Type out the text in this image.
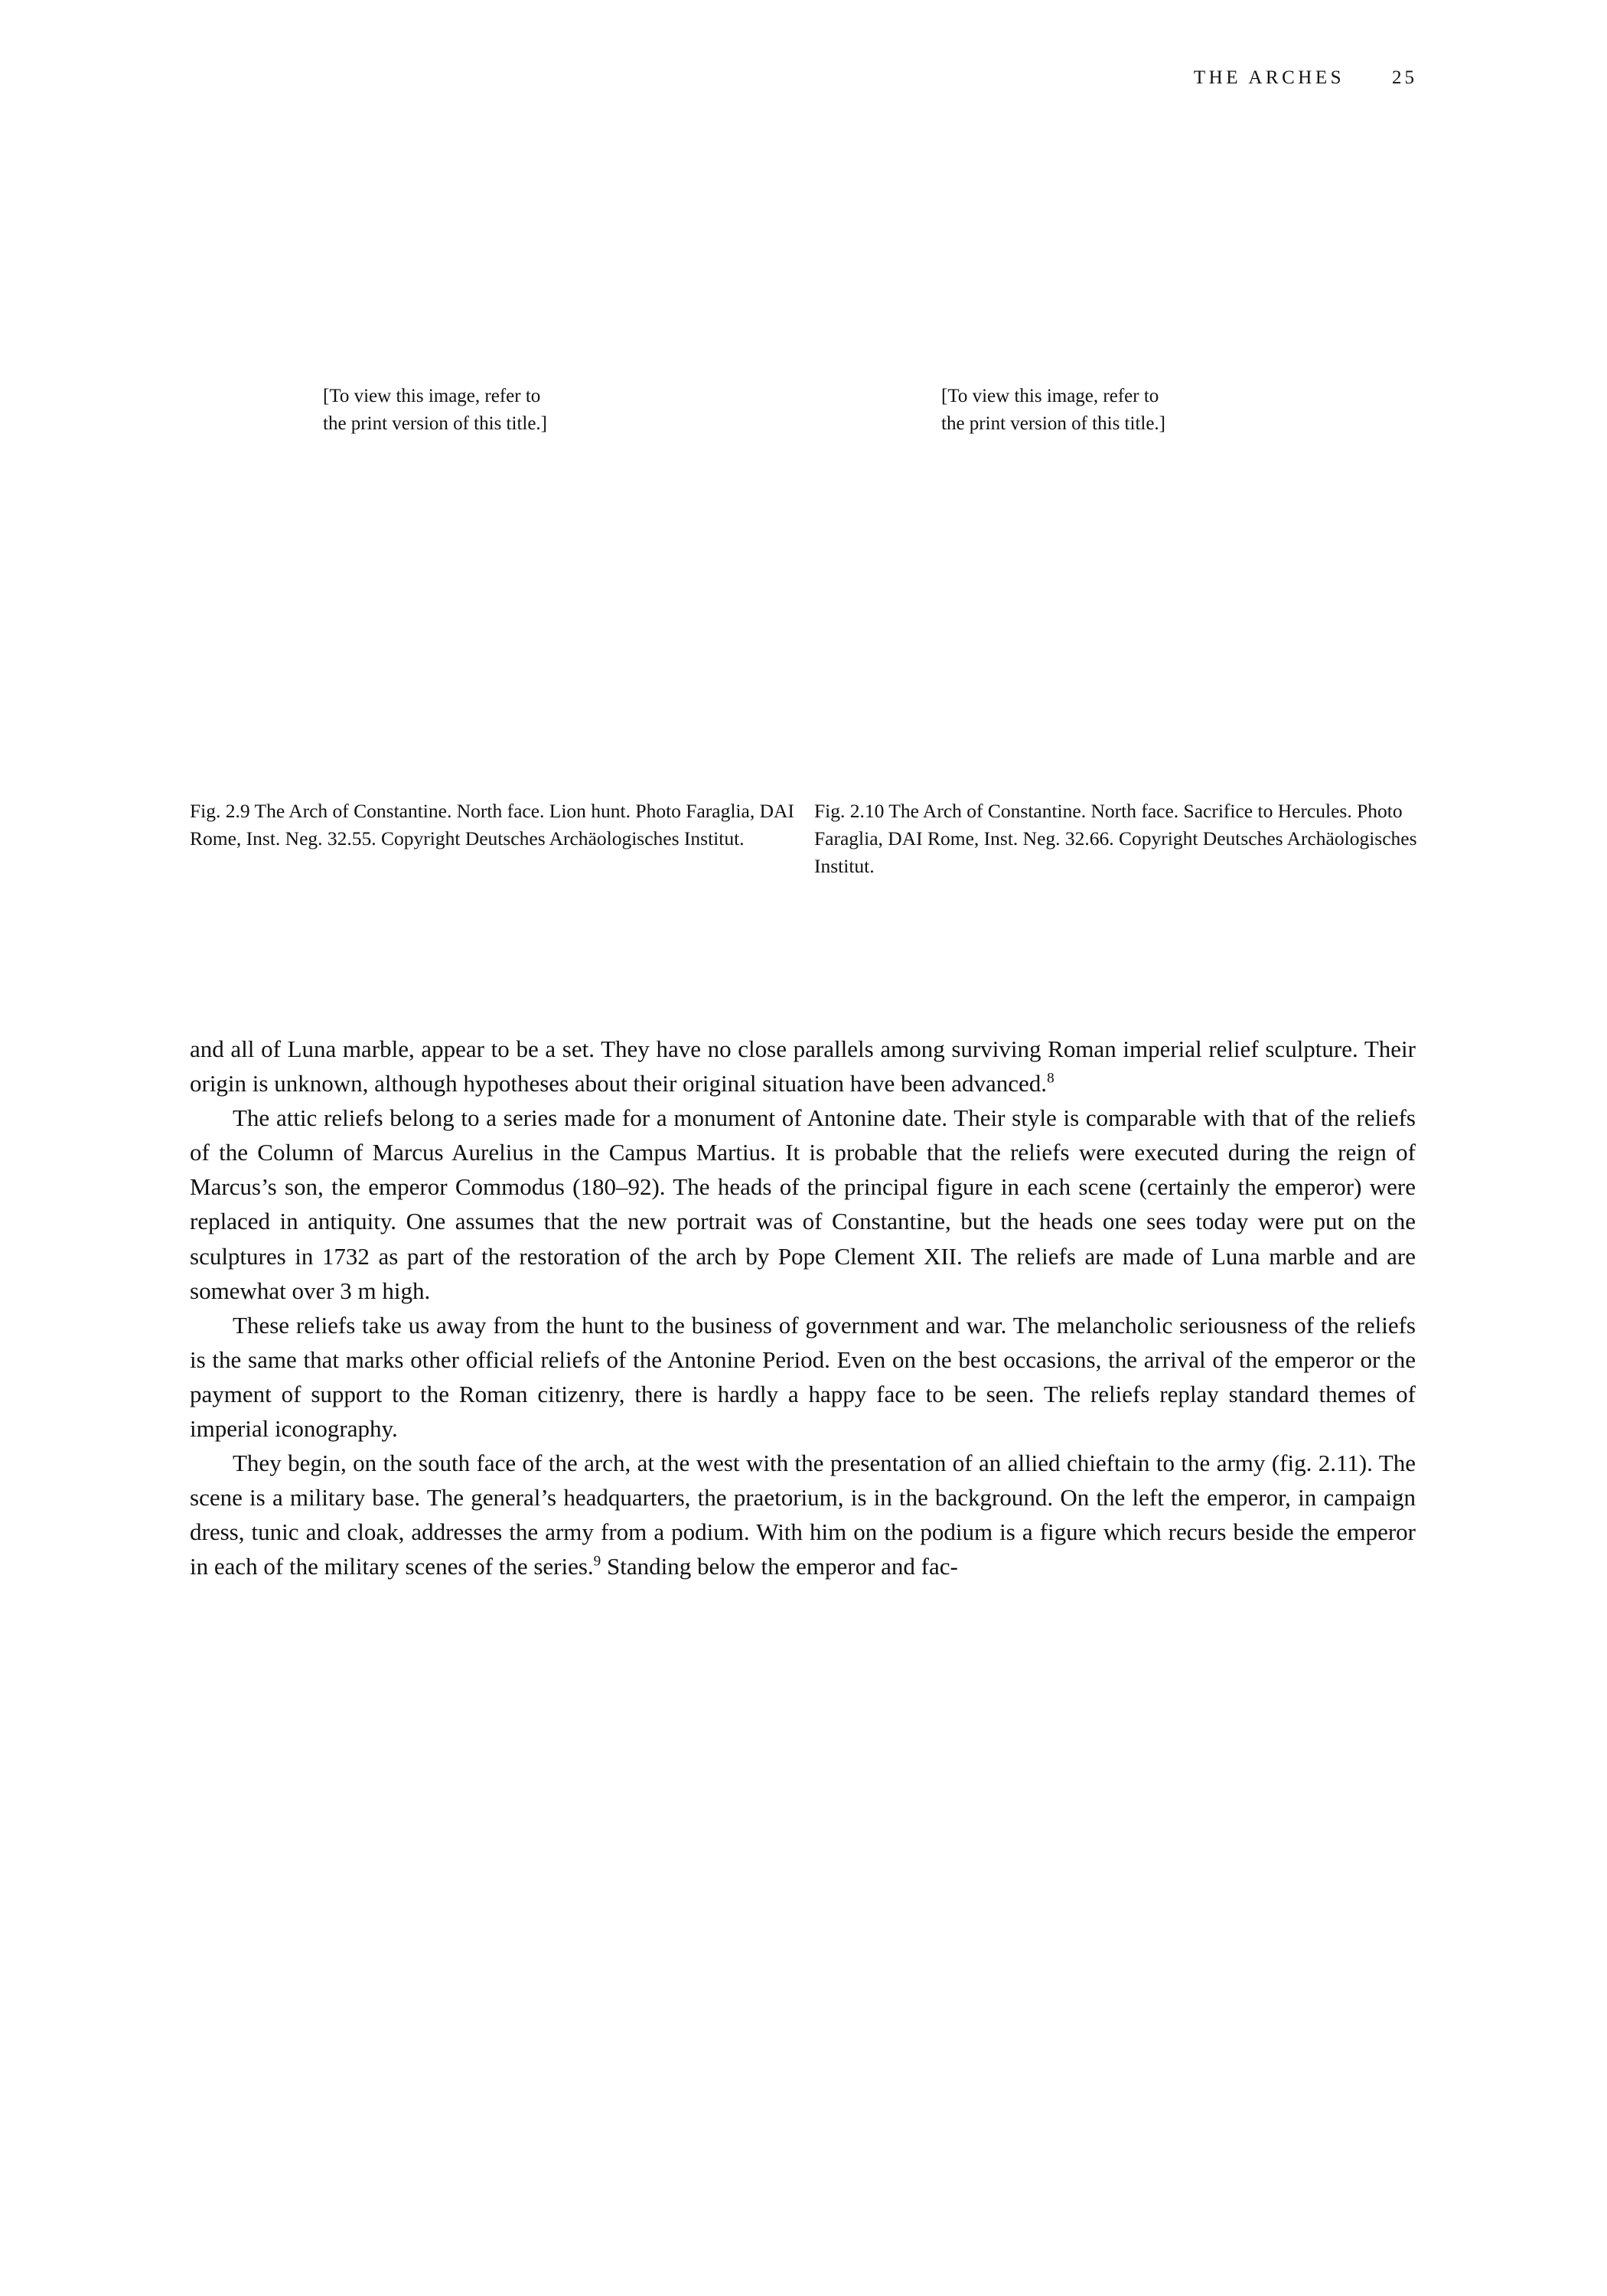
THE ARCHES 25
[To view this image, refer to
the print version of this title.]
[To view this image, refer to
the print version of this title.]
Fig. 2.9 The Arch of Constantine. North face. Lion hunt. Photo Faraglia, DAI Rome, Inst. Neg. 32.55. Copyright Deutsches Archäologisches Institut.
Fig. 2.10 The Arch of Constantine. North face. Sacrifice to Hercules. Photo Faraglia, DAI Rome, Inst. Neg. 32.66. Copyright Deutsches Archäologisches Institut.

and all of Luna marble, appear to be a set. They have no close parallels among surviving Roman imperial relief sculpture. Their origin is unknown, although hypotheses about their original situation have been advanced.$^8$

The attic reliefs belong to a series made for a monument of Antonine date. Their style is comparable with that of the reliefs of the Column of Marcus Aurelius in the Campus Martius. It is probable that the reliefs were executed during the reign of Marcus’s son, the emperor Commodus (180–92). The heads of the principal figure in each scene (certainly the emperor) were replaced in antiquity. One assumes that the new portrait was of Constantine, but the heads one sees today were put on the sculptures in 1732 as part of the restoration of the arch by Pope Clement XII. The reliefs are made of Luna marble and are somewhat over 3 m high.

These reliefs take us away from the hunt to the business of government and war. The melancholic seriousness of the reliefs is the same that marks other official reliefs of the Antonine Period. Even on the best occasions, the arrival of the emperor or the payment of support to the Roman citizenry, there is hardly a happy face to be seen. The reliefs replay standard themes of imperial iconography.

They begin, on the south face of the arch, at the west with the presentation of an allied chieftain to the army (fig. 2.11). The scene is a military base. The general’s headquarters, the praetorium, is in the background. On the left the emperor, in campaign dress, tunic and cloak, addresses the army from a podium. With him on the podium is a figure which recurs beside the emperor in each of the military scenes of the series.$^9$ Standing below the emperor and fac-
